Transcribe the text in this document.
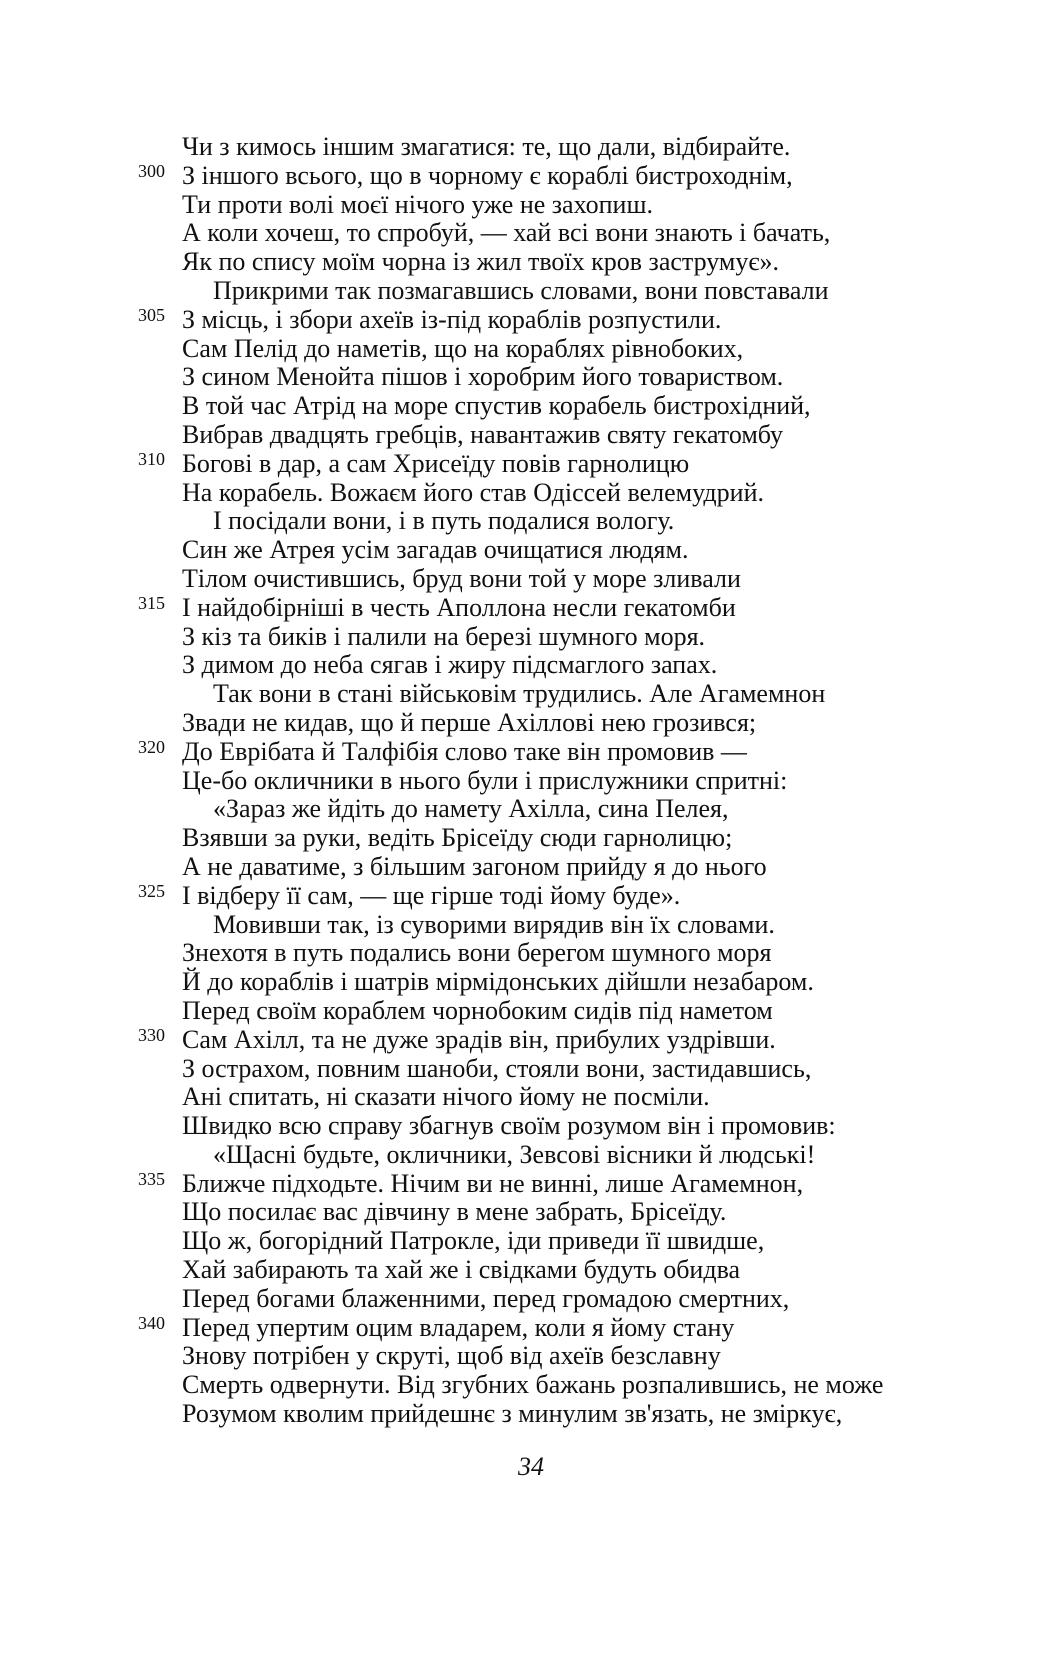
Чи з кимось іншим змагатися: те, що дали, відбирайте.
300 З іншого всього, що в чорному є кораблі бистроходнім,
Ти проти волі моєї нічого уже не захопиш.
А коли хочеш, то спробуй, — хай всі вони знають і бачать,
Як по спису моїм чорна із жил твоїх кров заструмує».
Прикрими так позмагавшись словами, вони повставали
305 З місць, і збори ахеїв із-під кораблів розпустили.
Сам Пелід до наметів, що на кораблях рівнобоких,
З сином Менойта пішов і хоробрим його товариством.
В той час Атрід на море спустив корабель бистрохідний,
Вибрав двадцять гребців, навантажив святу гекатомбу
310 Богові в дар, а сам Хрисеїду повів гарнолицю
На корабель. Вожаєм його став Одіссей велемудрий.
І посідали вони, і в путь подалися вологу.
Син же Атрея усім загадав очищатися людям.
Тілом очистившись, бруд вони той у море зливали
315 І найдобірніші в честь Аполлона несли гекатомби
З кіз та биків і палили на березі шумного моря.
З димом до неба сягав і жиру підсмаглого запах.
Так вони в стані військовім трудились. Але Агамемнон
Звади не кидав, що й перше Ахіллові нею грозився;
320 До Еврібата й Талфібія слово таке він промовив —
Це-бо окличники в нього були і прислужники спритні:
«Зараз же йдіть до намету Ахілла, сина Пелея,
Взявши за руки, ведіть Брісеїду сюди гарнолицю;
А не даватиме, з більшим загоном прийду я до нього
325 І відберу її сам, — ще гірше тоді йому буде».
Мовивши так, із суворими вирядив він їх словами.
Знехотя в путь подались вони берегом шумного моря
Й до кораблів і шатрів мірмідонських дійшли незабаром.
Перед своїм кораблем чорнобоким сидів під наметом
330 Сам Ахілл, та не дуже зрадів він, прибулих уздрівши.
З острахом, повним шаноби, стояли вони, застидавшись,
Ані спитать, ні сказати нічого йому не посміли.
Швидко всю справу збагнув своїм розумом він і промовив:
«Щасні будьте, окличники, Зевсові вісники й людські!
335 Ближче підходьте. Нічим ви не винні, лише Агамемнон,
Що посилає вас дівчину в мене забрать, Брісеїду.
Що ж, богорідний Патрокле, іди приведи її швидше,
Хай забирають та хай же і свідками будуть обидва
Перед богами блаженними, перед громадою смертних,
340 Перед упертим оцим владарем, коли я йому стану
Знову потрібен у скруті, щоб від ахеїв безславну
Смерть одвернути. Від згубних бажань розпалившись, не може
Розумом кволим прийдешнє з минулим зв'язать, не зміркує,
34
